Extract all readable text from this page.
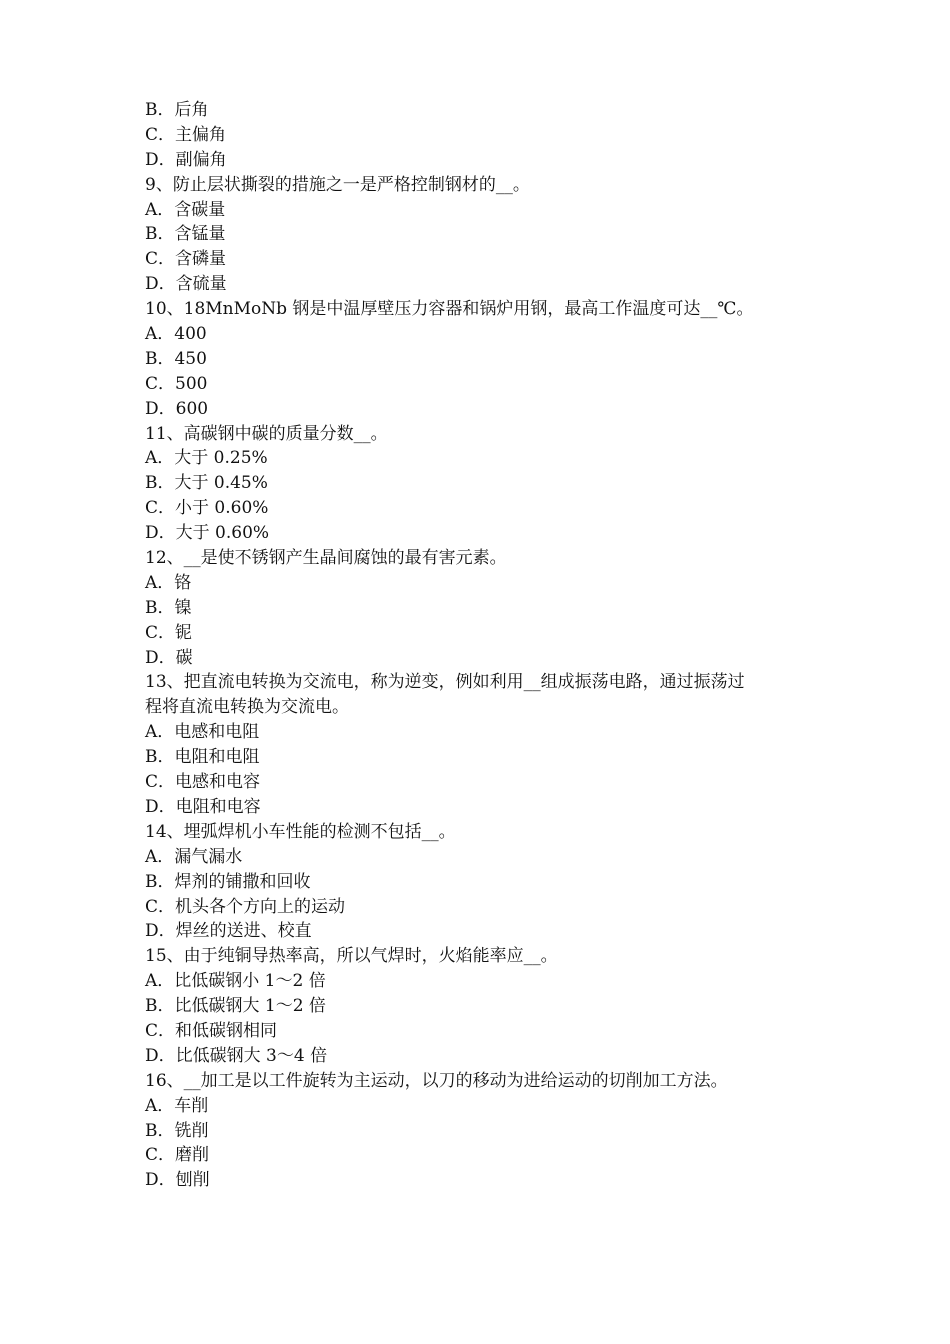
B．后角

C．主偏角

D．副偏角

9、防止层状撕裂的措施之一是严格控制钢材的__。

A．含碳量

B．含锰量

C．含磷量

D．含硫量

10、18MnMoNb 钢是中温厚壁压力容器和锅炉用钢，最高工作温度可达__℃。

A．400

B．450

C．500

D．600

11、高碳钢中碳的质量分数__。

A．大于 0.25%

B．大于 0.45%

C．小于 0.60%

D．大于 0.60%

12、__是使不锈钢产生晶间腐蚀的最有害元素。

A．铬

B．镍

C．铌

D．碳

13、把直流电转换为交流电，称为逆变，例如利用__组成振荡电路，通过振荡过

程将直流电转换为交流电。

A．电感和电阻

B．电阻和电阻

C．电感和电容

D．电阻和电容

14、埋弧焊机小车性能的检测不包括__。

A．漏气漏水

B．焊剂的铺撒和回收

C．机头各个方向上的运动

D．焊丝的送进、校直

15、由于纯铜导热率高，所以气焊时，火焰能率应__。

A．比低碳钢小 1～2 倍

B．比低碳钢大 1～2 倍

C．和低碳钢相同

D．比低碳钢大 3～4 倍

16、__加工是以工件旋转为主运动，以刀的移动为进给运动的切削加工方法。

A．车削

B．铣削

C．磨削

D．刨削
